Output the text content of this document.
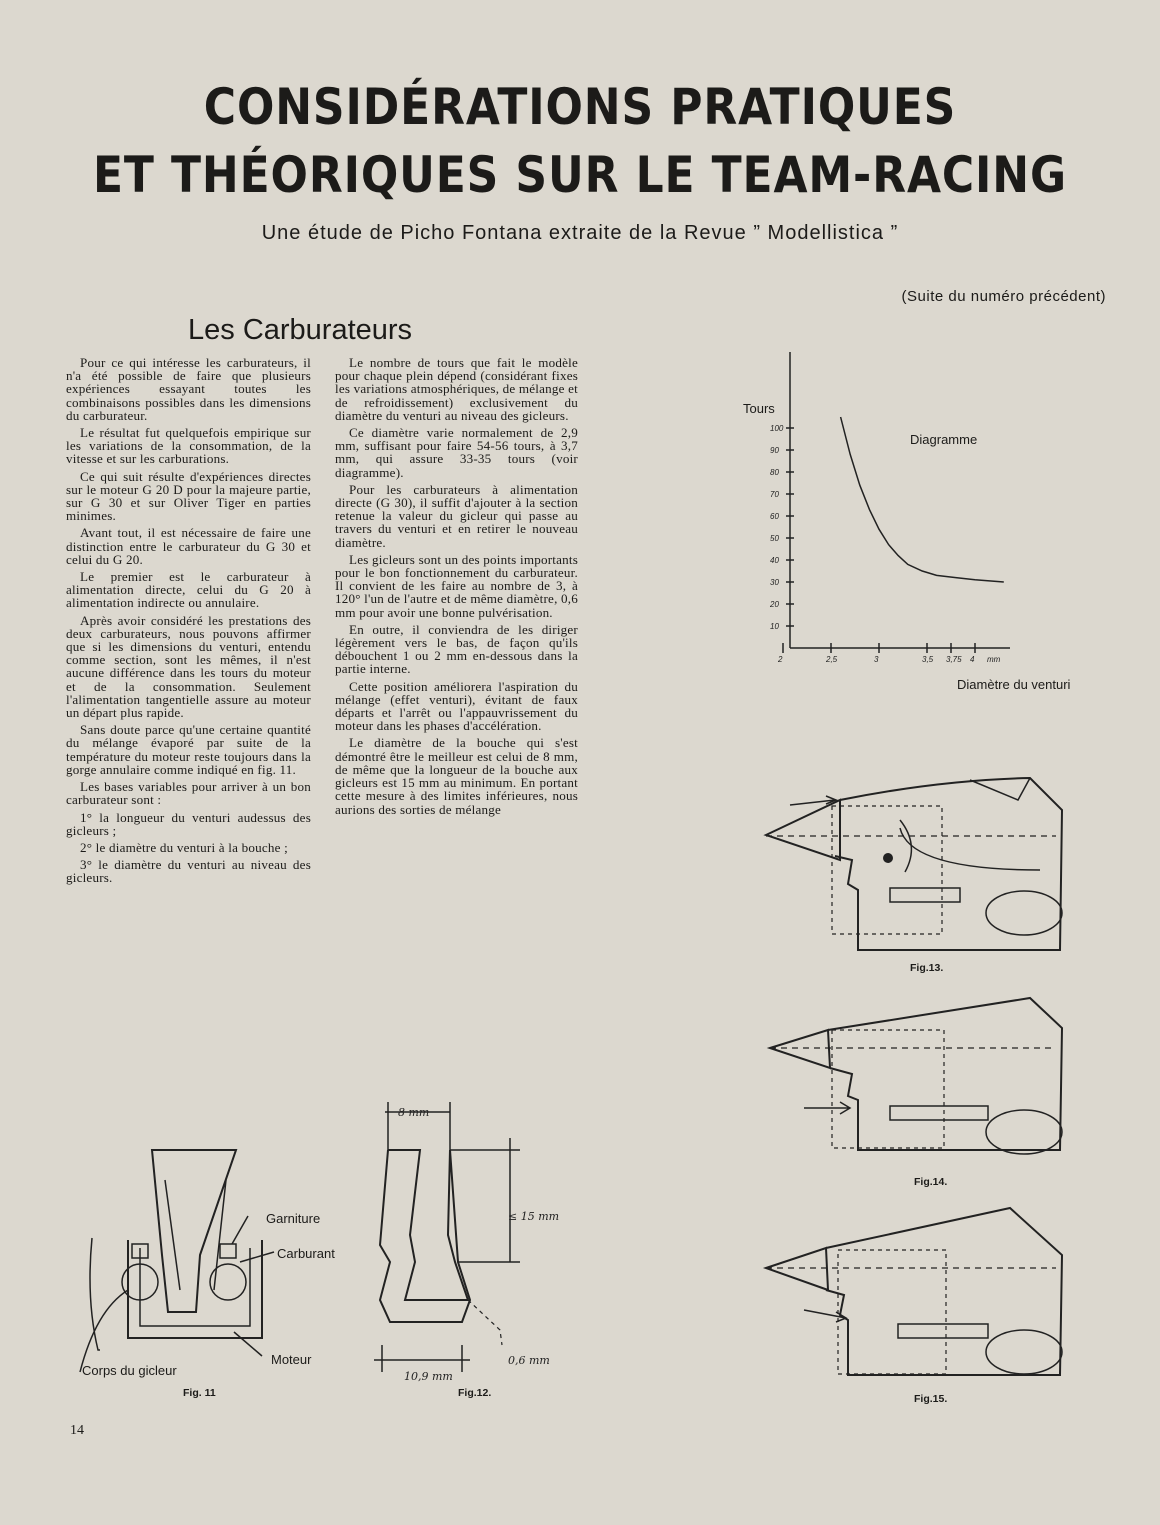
CONSIDÉRATIONS PRATIQUES
ET THÉORIQUES SUR LE TEAM-RACING
Une étude de Picho Fontana extraite de la Revue ” Modellistica ”
(Suite du numéro précédent)
Les Carburateurs

Pour ce qui intéresse les carburateurs, il n'a été possible de faire que plusieurs expériences essayant toutes les combinaisons possibles dans les dimensions du carburateur.

Le résultat fut quelquefois empirique sur les variations de la consommation, de la vitesse et sur les carburations.

Ce qui suit résulte d'expériences directes sur le moteur G 20 D pour la majeure partie, sur G 30 et sur Oliver Tiger en parties minimes.

Avant tout, il est nécessaire de faire une distinction entre le carburateur du G 30 et celui du G 20.

Le premier est le carburateur à alimentation directe, celui du G 20 à alimentation indirecte ou annulaire.

Après avoir considéré les prestations des deux carburateurs, nous pouvons affirmer que si les dimensions du venturi, entendu comme section, sont les mêmes, il n'est aucune différence dans les tours du moteur et de la consommation. Seulement l'alimentation tangentielle assure au moteur un départ plus rapide.

Sans doute parce qu'une certaine quantité du mélange évaporé par suite de la température du moteur reste toujours dans la gorge annulaire comme indiqué en fig. 11.

Les bases variables pour arriver à un bon carburateur sont :

1° la longueur du venturi audessus des gicleurs ;

2° le diamètre du venturi à la bouche ;

3° le diamètre du venturi au niveau des gicleurs.

Le nombre de tours que fait le modèle pour chaque plein dépend (considérant fixes les variations atmosphériques, de mélange et de refroidissement) exclusivement du diamètre du venturi au niveau des gicleurs.

Ce diamètre varie normalement de 2,9 mm, suffisant pour faire 54-56 tours, à 3,7 mm, qui assure 33-35 tours (voir diagramme).

Pour les carburateurs à alimentation directe (G 30), il suffit d'ajouter à la section retenue la valeur du gicleur qui passe au travers du venturi et en retirer le nouveau diamètre.

Les gicleurs sont un des points importants pour le bon fonctionnement du carburateur. Il convient de les faire au nombre de 3, à 120° l'un de l'autre et de même diamètre, 0,6 mm pour avoir une bonne pulvérisation.

En outre, il conviendra de les diriger légèrement vers le bas, de façon qu'ils débouchent 1 ou 2 mm en-dessous dans la partie interne.

Cette position améliorera l'aspiration du mélange (effet venturi), évitant de faux départs et l'arrêt ou l'appauvrissement du moteur dans les phases d'accélération.

Le diamètre de la bouche qui s'est démontré être le meilleur est celui de 8 mm, de même que la longueur de la bouche aux gicleurs est 15 mm au minimum. En portant cette mesure à des limites inférieures, nous aurions des sorties de mélange

10
20
30
40
50
60
70
80
90
100
2	2,5	3	3,5 3,75 4 mm
Tours
Diagramme
Diamètre du venturi
Garniture
Carburant
Corps du gicleur
Moteur
Fig. 11
8 mm
≤ 15 mm
10,9 mm
0,6 mm
Fig.12.
Fig.13.
Fig.14.
Fig.15.
14
